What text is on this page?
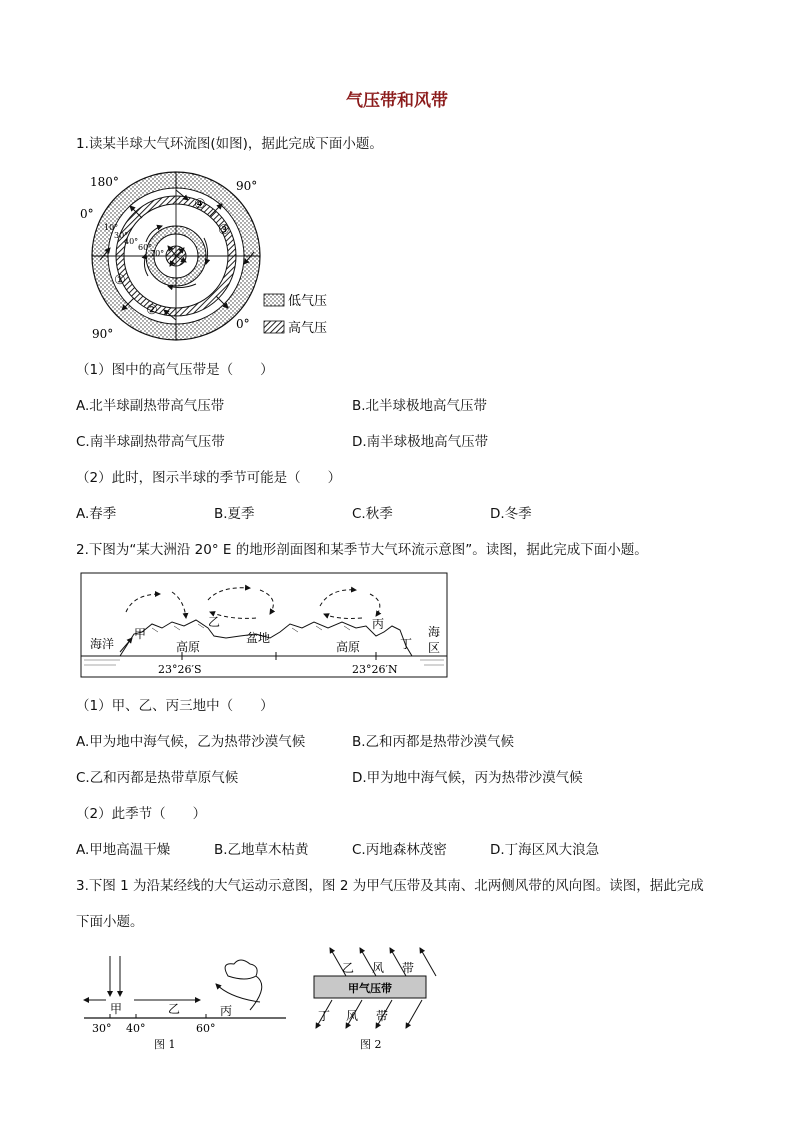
气压带和风带
1.读某半球大气环流图(如图)，据此完成下面小题。
180°	90°
0°
90°
0°
10°
30°
40°
60°
70°
①
②
③
④
低气压
高气压
（1）图中的高气压带是（　　）
A.北半球副热带高气压带	B.北半球极地高气压带
C.南半球副热带高气压带	D.南半球极地高气压带
（2）此时，图示半球的季节可能是（　　）
A.春季	B.夏季	C.秋季	D.冬季
2.下图为“某大洲沿 20° E 的地形剖面图和某季节大气环流示意图”。读图，据此完成下面小题。
海洋
甲
乙	丙
丁
高原
盆地
高原
海
区
23°26′S	23°26′N
（1）甲、乙、丙三地中（　　）
A.甲为地中海气候，乙为热带沙漠气候	B.乙和丙都是热带沙漠气候
C.乙和丙都是热带草原气候	D.甲为地中海气候，丙为热带沙漠气候
（2）此季节（　　）
A.甲地高温干燥	B.乙地草木枯黄	C.丙地森林茂密	D.丁海区风大浪急
3.下图 1 为沿某经线的大气运动示意图，图 2 为甲气压带及其南、北两侧风带的风向图。读图，据此完成
下面小题。
甲	乙	丙
30° 40°	60°
图 1
乙 风 带
甲气压带
丁 风 带
图 2
